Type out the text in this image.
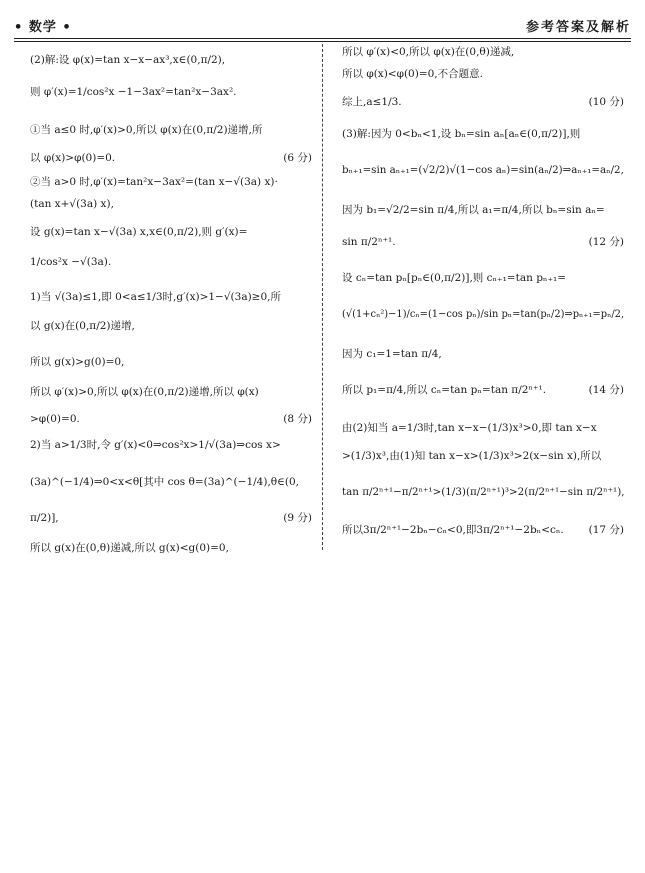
• 数学 •	参考答案及解析
(2)解:设 φ(x)=tan x−x−ax³,x∈(0,π/2),
则 φ′(x)=1/cos²x −1−3ax²=tan²x−3ax².
①当 a≤0 时,φ′(x)>0,所以 φ(x)在(0,π/2)递增,所
以 φ(x)>φ(0)=0.	(6 分)
②当 a>0 时,φ′(x)=tan²x−3ax²=(tan x−√(3a) x)·
(tan x+√(3a) x),
设 g(x)=tan x−√(3a) x,x∈(0,π/2),则 g′(x)=
1/cos²x −√(3a).
1)当 √(3a)≤1,即 0<a≤1/3时,g′(x)>1−√(3a)≥0,所
以 g(x)在(0,π/2)递增,
所以 g(x)>g(0)=0,
所以 φ′(x)>0,所以 φ(x)在(0,π/2)递增,所以 φ(x)
>φ(0)=0.	(8 分)
2)当 a>1/3时,令 g′(x)<0⇒cos²x>1/√(3a)⇒cos x>
(3a)^(−1/4)⇒0<x<θ[其中 cos θ=(3a)^(−1/4),θ∈(0,
π/2)],	(9 分)
所以 g(x)在(0,θ)递减,所以 g(x)<g(0)=0,
所以 φ′(x)<0,所以 φ(x)在(0,θ)递减,
所以 φ(x)<φ(0)=0,不合题意.
综上,a≤1/3.	(10 分)
(3)解:因为 0<bₙ<1,设 bₙ=sin aₙ[aₙ∈(0,π/2)],则
bₙ₊₁=sin aₙ₊₁=(√2/2)√(1−cos aₙ)=sin(aₙ/2)⇒aₙ₊₁=aₙ/2,
因为 b₁=√2/2=sin π/4,所以 a₁=π/4,所以 bₙ=sin aₙ=
sin π/2ⁿ⁺¹.	(12 分)
设 cₙ=tan pₙ[pₙ∈(0,π/2)],则 cₙ₊₁=tan pₙ₊₁=
(√(1+cₙ²)−1)/cₙ=(1−cos pₙ)/sin pₙ=tan(pₙ/2)⇒pₙ₊₁=pₙ/2,
因为 c₁=1=tan π/4,
所以 p₁=π/4,所以 cₙ=tan pₙ=tan π/2ⁿ⁺¹.	(14 分)
由(2)知当 a=1/3时,tan x−x−(1/3)x³>0,即 tan x−x
>(1/3)x³,由(1)知 tan x−x>(1/3)x³>2(x−sin x),所以
tan π/2ⁿ⁺¹−π/2ⁿ⁺¹>(1/3)(π/2ⁿ⁺¹)³>2(π/2ⁿ⁺¹−sin π/2ⁿ⁺¹),
所以3π/2ⁿ⁺¹−2bₙ−cₙ<0,即3π/2ⁿ⁺¹−2bₙ<cₙ. (17 分)
